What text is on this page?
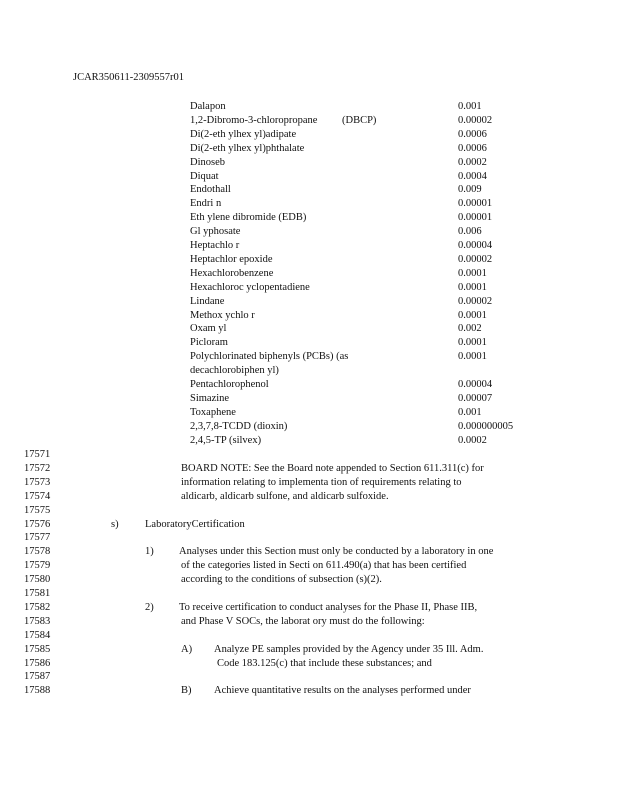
JCAR350611-2309557r01
Dalapon	0.001
1,2-Dibromo-3-chloropropane (DBCP)	0.00002
Di(2-eth ylhex yl)adipate	0.0006
Di(2-eth ylhex yl)phthalate	0.0006
Dinoseb	0.0002
Diquat	0.0004
Endothall	0.009
Endri n	0.00001
Eth ylene dibromide (EDB)	0.00001
Gl yphosate	0.006
Heptachlo r	0.00004
Heptachlor epoxide	0.00002
Hexachlorobenzene	0.0001
Hexachloroc yclopentadiene	0.0001
Lindane	0.00002
Methox ychlo r	0.0001
Oxam yl	0.002
Picloram	0.0001
Polychlorinated biphenyls (PCBs) (as	0.0001
decachlorobiphen yl)
Pentachlorophenol	0.00004
Simazine	0.00007
Toxaphene	0.001
2,3,7,8-TCDD (dioxin)	0.000000005
2,4,5-TP (silvex)	0.0002
17571
17572
17573
17574
17575
17576
17577
17578
17579
17580
17581
17582
17583
17584
17585
17586
17587
17588
BOARD NOTE: See the Board note appended to Section 611.311(c) for
information relating to implementa tion of requirements relating to
aldicarb, aldicarb sulfone, and aldicarb sulfoxide.
s)	LaboratoryCertification
1) Analyses under this Section must only be conducted by a laboratory in one
of the categories listed in Secti on 611.490(a) that has been certified
according to the conditions of subsection (s)(2).
2) To receive certification to conduct analyses for the Phase II, Phase IIB,
and Phase V SOCs, the laborat ory must do the following:
A) Analyze PE samples provided by the Agency under 35 Ill. Adm.
Code 183.125(c) that include these substances; and
B) Achieve quantitative results on the analyses performed under
